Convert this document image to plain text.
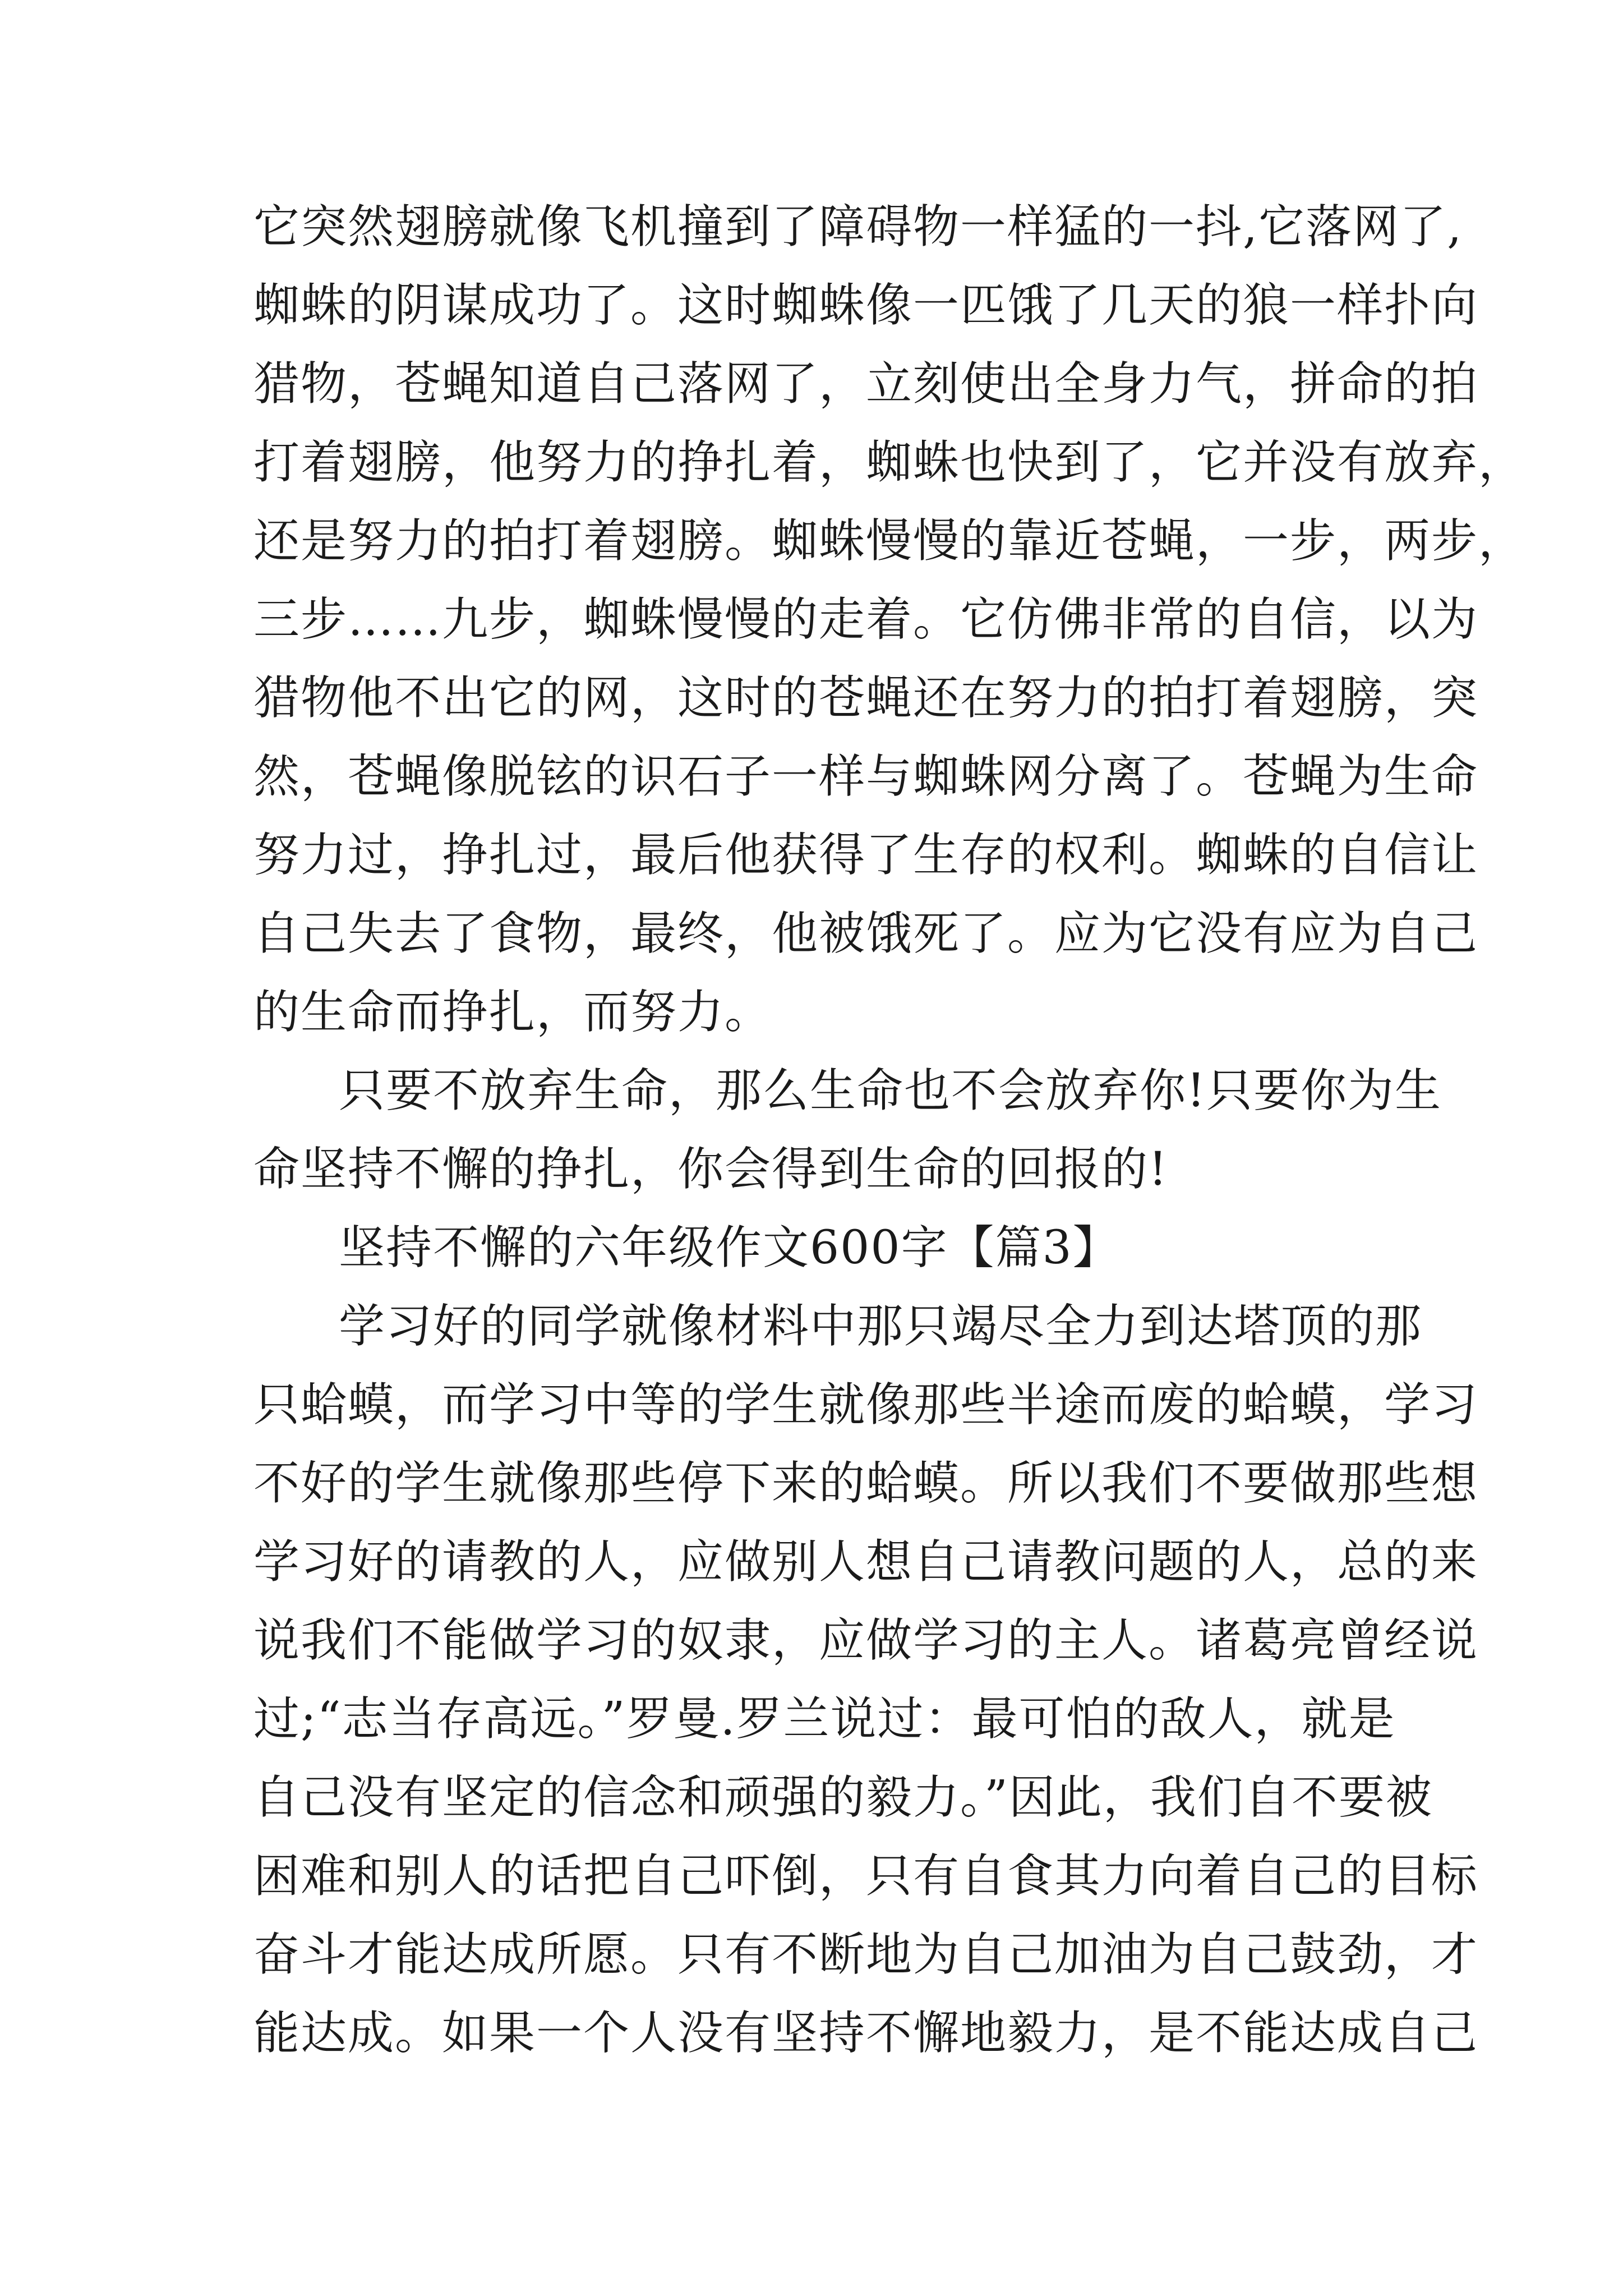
它突然翅膀就像飞机撞到了障碍物一样猛的一抖,它落网了,
蜘蛛的阴谋成功了。这时蜘蛛像一匹饿了几天的狼一样扑向
猎物，苍蝇知道自己落网了，立刻使出全身力气，拼命的拍
打着翅膀，他努力的挣扎着，蜘蛛也快到了，它并没有放弃，
还是努力的拍打着翅膀。蜘蛛慢慢的靠近苍蝇，一步，两步，
三步……九步，蜘蛛慢慢的走着。它仿佛非常的自信，以为
猎物他不出它的网，这时的苍蝇还在努力的拍打着翅膀，突
然，苍蝇像脱铉的识石子一样与蜘蛛网分离了。苍蝇为生命
努力过，挣扎过，最后他获得了生存的权利。蜘蛛的自信让
自己失去了食物，最终，他被饿死了。应为它没有应为自己
的生命而挣扎，而努力。
只要不放弃生命，那么生命也不会放弃你!只要你为生
命坚持不懈的挣扎，你会得到生命的回报的!
坚持不懈的六年级作文600字【篇3】
学习好的同学就像材料中那只竭尽全力到达塔顶的那
只蛤蟆，而学习中等的学生就像那些半途而废的蛤蟆，学习
不好的学生就像那些停下来的蛤蟆。所以我们不要做那些想
学习好的请教的人，应做别人想自己请教问题的人，总的来
说我们不能做学习的奴隶，应做学习的主人。诸葛亮曾经说
过;“志当存高远。”罗曼.罗兰说过：最可怕的敌人，就是
自己没有坚定的信念和顽强的毅力。”因此，我们自不要被
困难和别人的话把自己吓倒，只有自食其力向着自己的目标
奋斗才能达成所愿。只有不断地为自己加油为自己鼓劲，才
能达成。如果一个人没有坚持不懈地毅力，是不能达成自己
